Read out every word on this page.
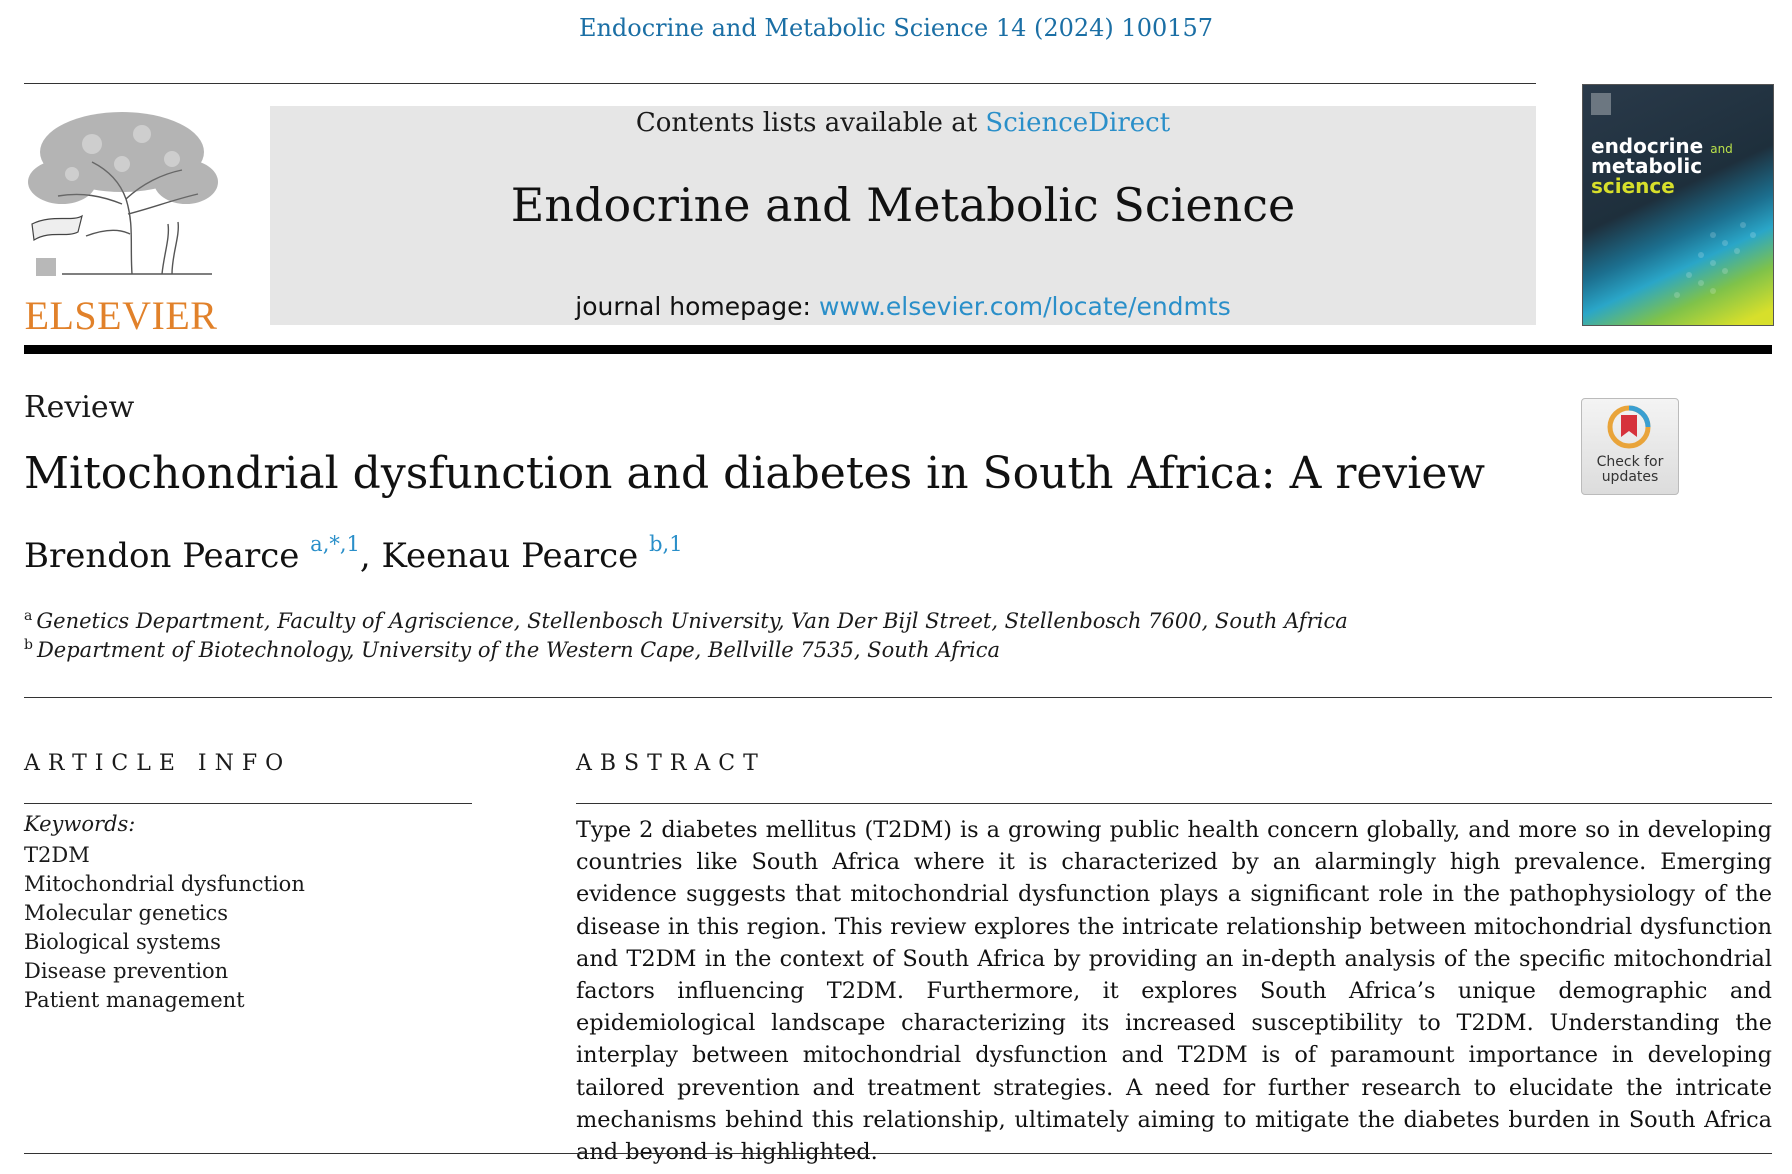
Endocrine and Metabolic Science 14 (2024) 100157
ELSEVIER
Contents lists available at ScienceDirect
Endocrine and Metabolic Science
journal homepage: www.elsevier.com/locate/endmts
endocrine and
metabolic
science
Review
Mitochondrial dysfunction and diabetes in South Africa: A review	Check for
updates
Brendon Pearce $^{a,*,1}$, Keenau Pearce $^{b,1}$
$^a$ Genetics Department, Faculty of Agriscience, Stellenbosch University, Van Der Bijl Street, Stellenbosch 7600, South Africa
$^b$ Department of Biotechnology, University of the Western Cape, Bellville 7535, South Africa
ARTICLE INFO
Keywords:
T2DM
Mitochondrial dysfunction
Molecular genetics
Biological systems
Disease prevention
Patient management
ABSTRACT

Type 2 diabetes mellitus (T2DM) is a growing public health concern globally, and more so in developing countries like South Africa where it is characterized by an alarmingly high prevalence. Emerging evidence suggests that mitochondrial dysfunction plays a significant role in the pathophysiology of the disease in this region. This review explores the intricate relationship between mitochondrial dysfunction and T2DM in the context of South Africa by providing an in-depth analysis of the specific mitochondrial factors influencing T2DM. Furthermore, it explores South Africa’s unique demographic and epidemiological landscape characterizing its increased susceptibility to T2DM. Understanding the interplay between mitochondrial dysfunction and T2DM is of paramount importance in developing tailored prevention and treatment strategies. A need for further research to elucidate the intricate mechanisms behind this relationship, ultimately aiming to mitigate the diabetes burden in South Africa and beyond is highlighted.
